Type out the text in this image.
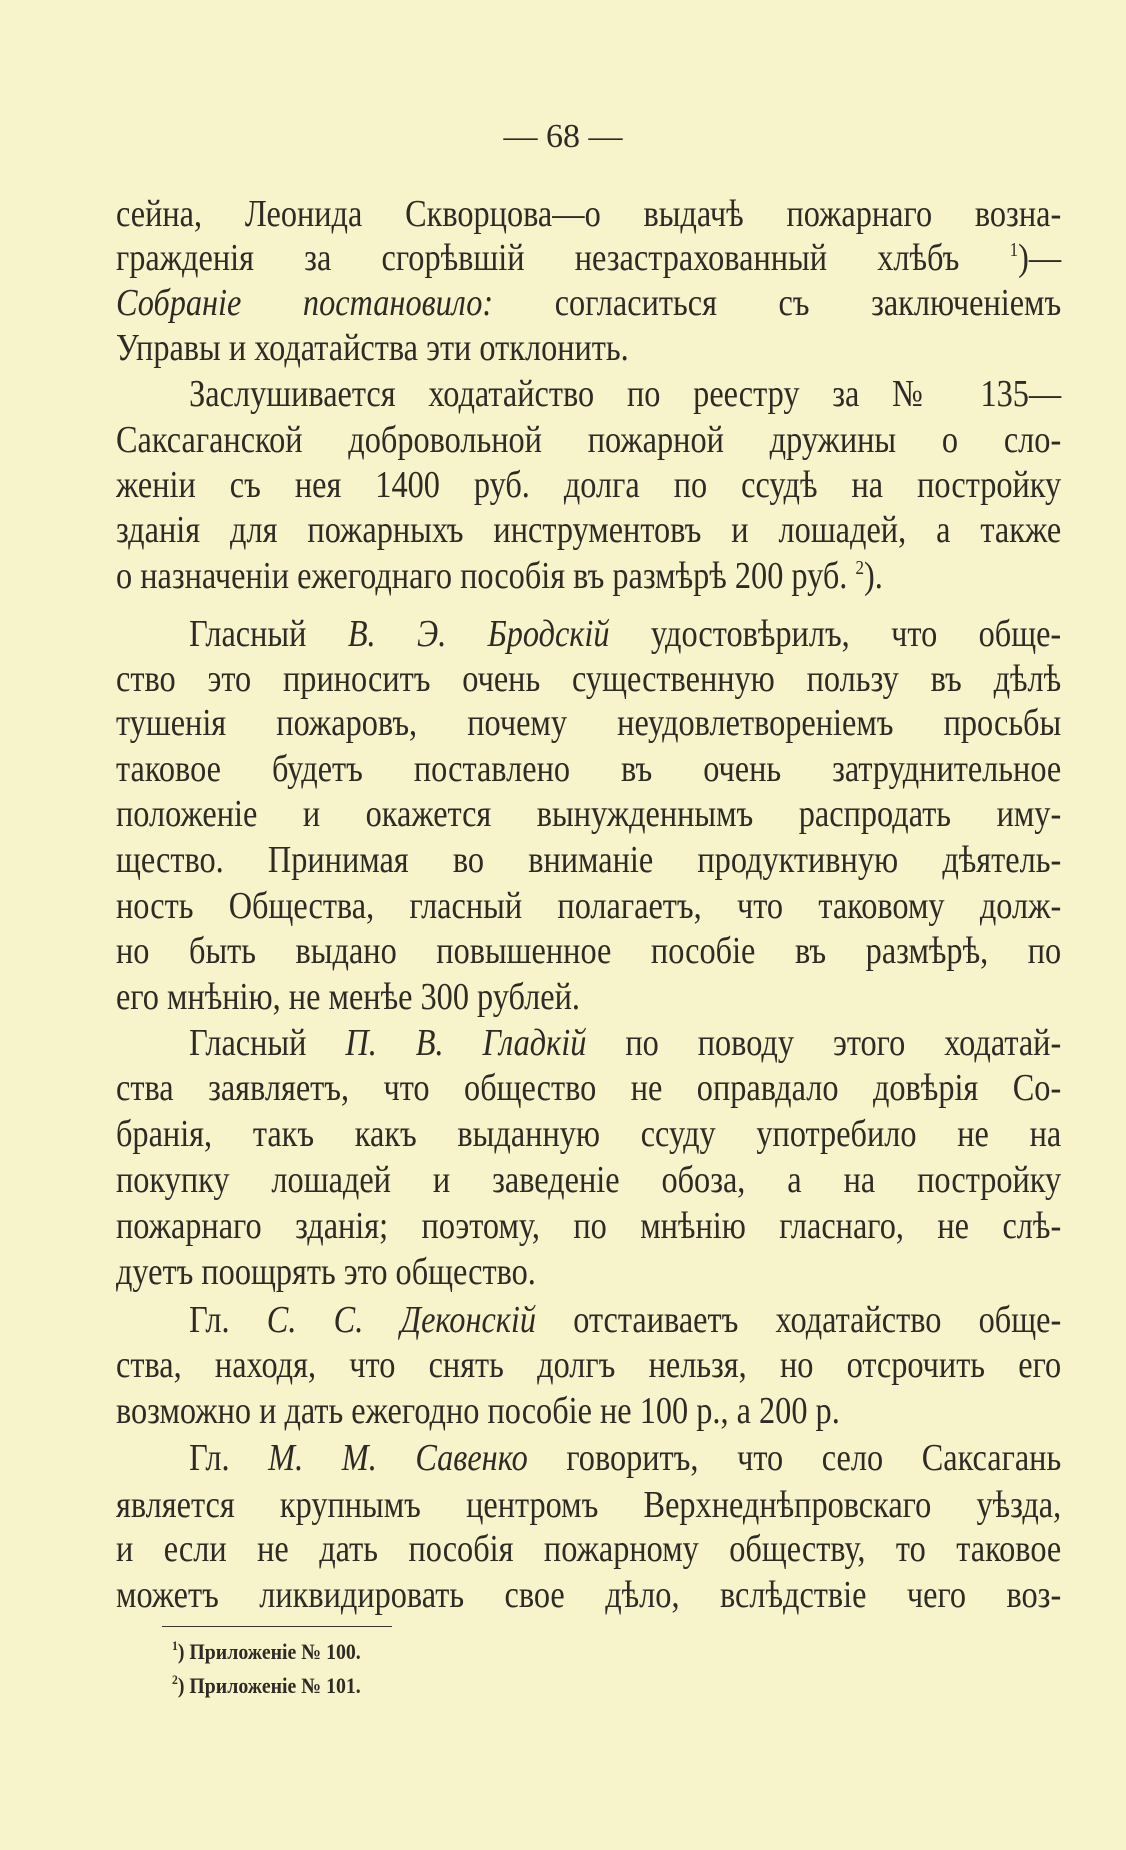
— 68 —
сейна, Леонида Скворцова—о выдачѣ пожарнаго возна-
гражденія за сгорѣвшій незастрахованный хлѣбъ $^1$)—
Собраніе постановило: согласиться съ заключеніемъ
Управы и ходатайства эти отклонить.
Заслушивается ходатайство по реестру за № 135—
Саксаганской добровольной пожарной дружины о сло-
женіи съ нея 1400 руб. долга по ссудѣ на постройку
зданія для пожарныхъ инструментовъ и лошадей, а также
о назначеніи ежегоднаго пособія въ размѣрѣ 200 руб. $^2$).
Гласный В. Э. Бродскій удостовѣрилъ, что обще-
ство это приноситъ очень существенную пользу въ дѣлѣ
тушенія пожаровъ, почему неудовлетвореніемъ просьбы
таковое будетъ поставлено въ очень затруднительное
положеніе и окажется вынужденнымъ распродать иму-
щество. Принимая во вниманіе продуктивную дѣятель-
ность Общества, гласный полагаетъ, что таковому долж-
но быть выдано повышенное пособіе въ размѣрѣ, по
его мнѣнію, не менѣе 300 рублей.
Гласный П. В. Гладкій по поводу этого ходатай-
ства заявляетъ, что общество не оправдало довѣрія Со-
бранія, такъ какъ выданную ссуду употребило не на
покупку лошадей и заведеніе обоза, а на постройку
пожарнаго зданія; поэтому, по мнѣнію гласнаго, не слѣ-
дуетъ поощрять это общество.
Гл. С. С. Деконскій отстаиваетъ ходатайство обще-
ства, находя, что снять долгъ нельзя, но отсрочить его
возможно и дать ежегодно пособіе не 100 р., а 200 р.
Гл. М. М. Савенко говоритъ, что село Саксагань
является крупнымъ центромъ Верхнеднѣпровскаго уѣзда,
и если не дать пособія пожарному обществу, то таковое
можетъ ликвидировать свое дѣло, вслѣдствіе чего воз-
$^1$) Приложеніе № 100.
$^2$) Приложеніе № 101.
